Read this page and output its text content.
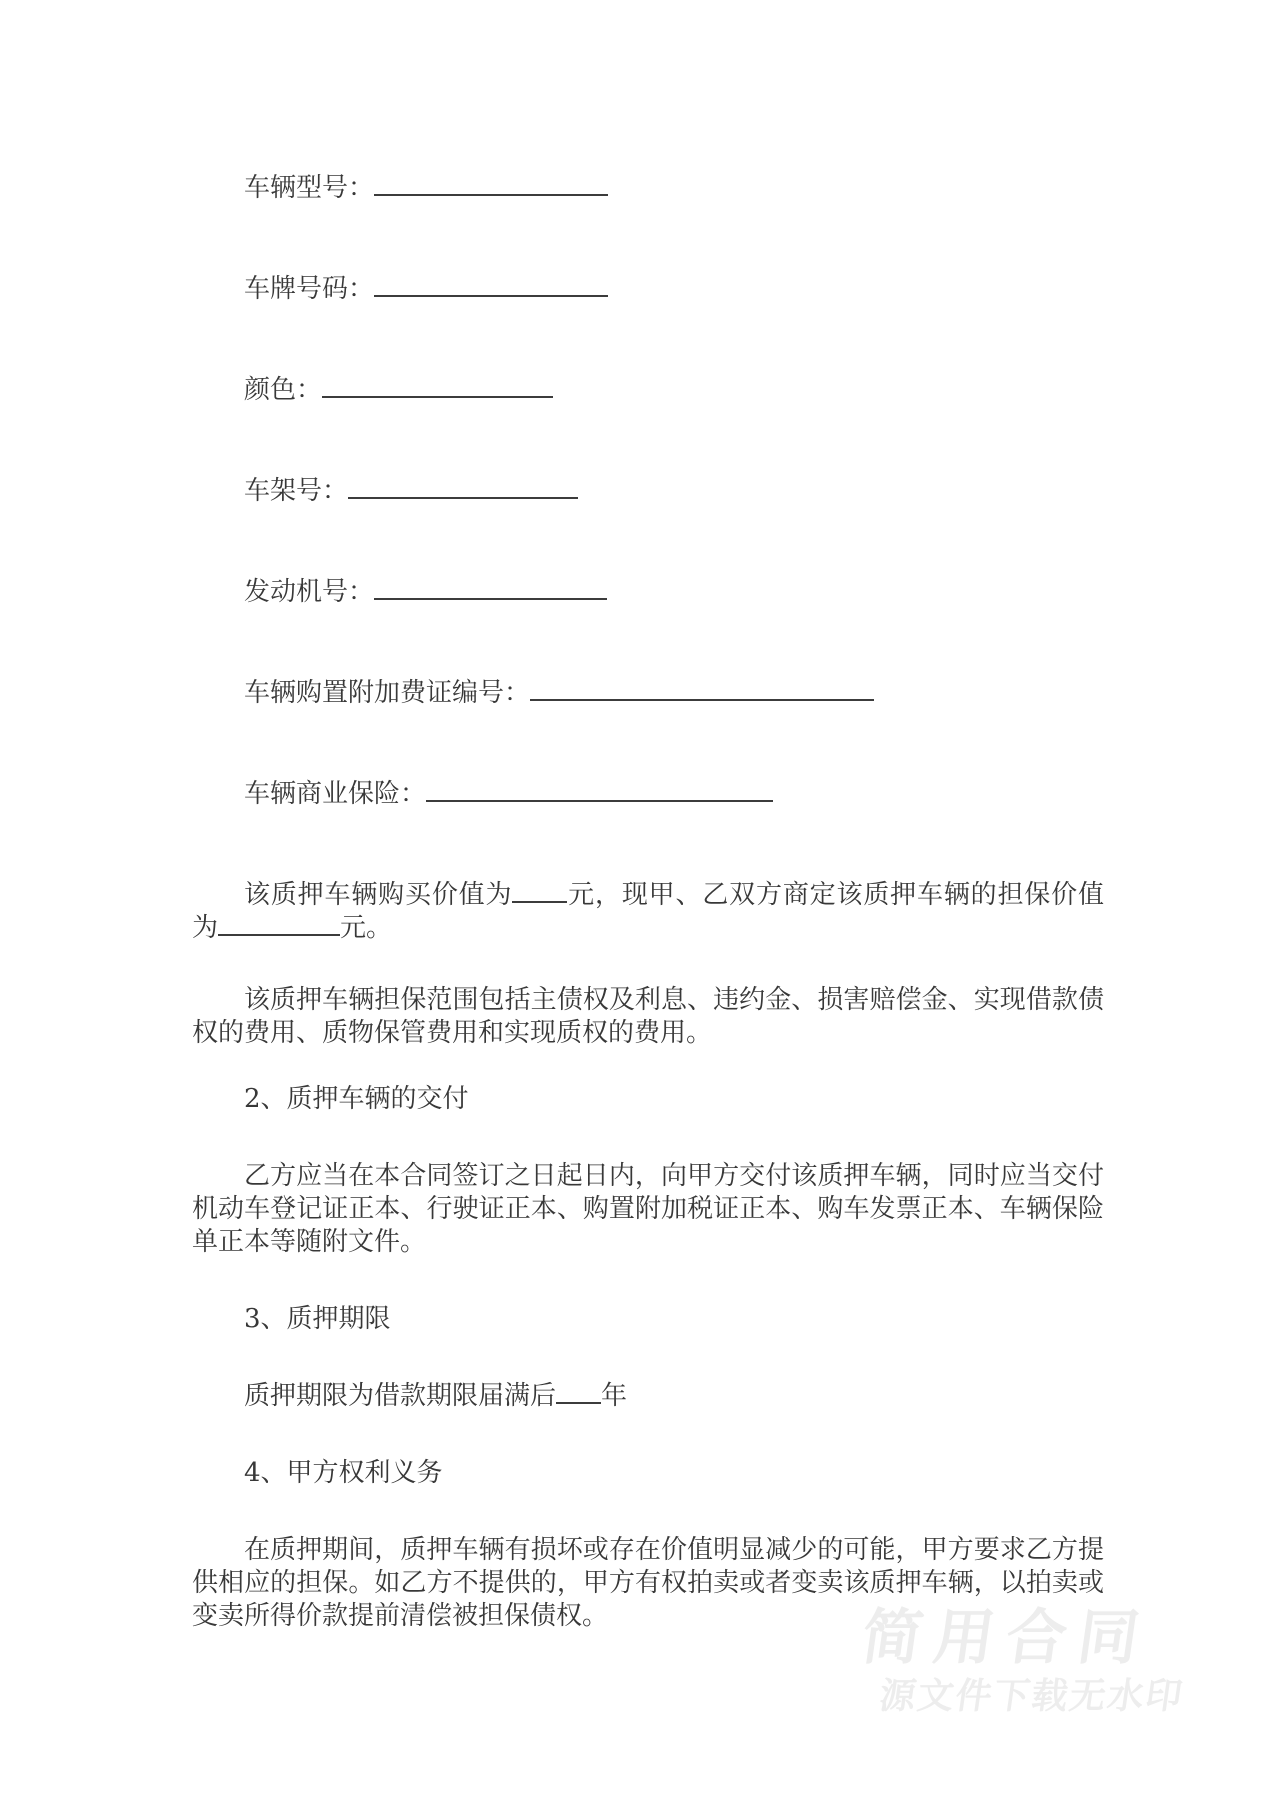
车辆型号：
车牌号码：
颜色：
车架号：
发动机号：
车辆购置附加费证编号：
车辆商业保险：

该质押车辆购买价值为 元，现甲、乙双方商定该质押车辆的担保价值为	元。

该质押车辆担保范围包括主债权及利息、违约金、损害赔偿金、实现借款债权的费用、质物保管费用和实现质权的费用。

2、质押车辆的交付

乙方应当在本合同签订之日起日内，向甲方交付该质押车辆，同时应当交付机动车登记证正本、行驶证正本、购置附加税证正本、购车发票正本、车辆保险单正本等随附文件。

3、质押期限

质押期限为借款期限届满后 年

4、甲方权利义务

在质押期间，质押车辆有损坏或存在价值明显减少的可能，甲方要求乙方提供相应的担保。如乙方不提供的，甲方有权拍卖或者变卖该质押车辆，以拍卖或变卖所得价款提前清偿被担保债权。	简用合同
源文件下载无水印
